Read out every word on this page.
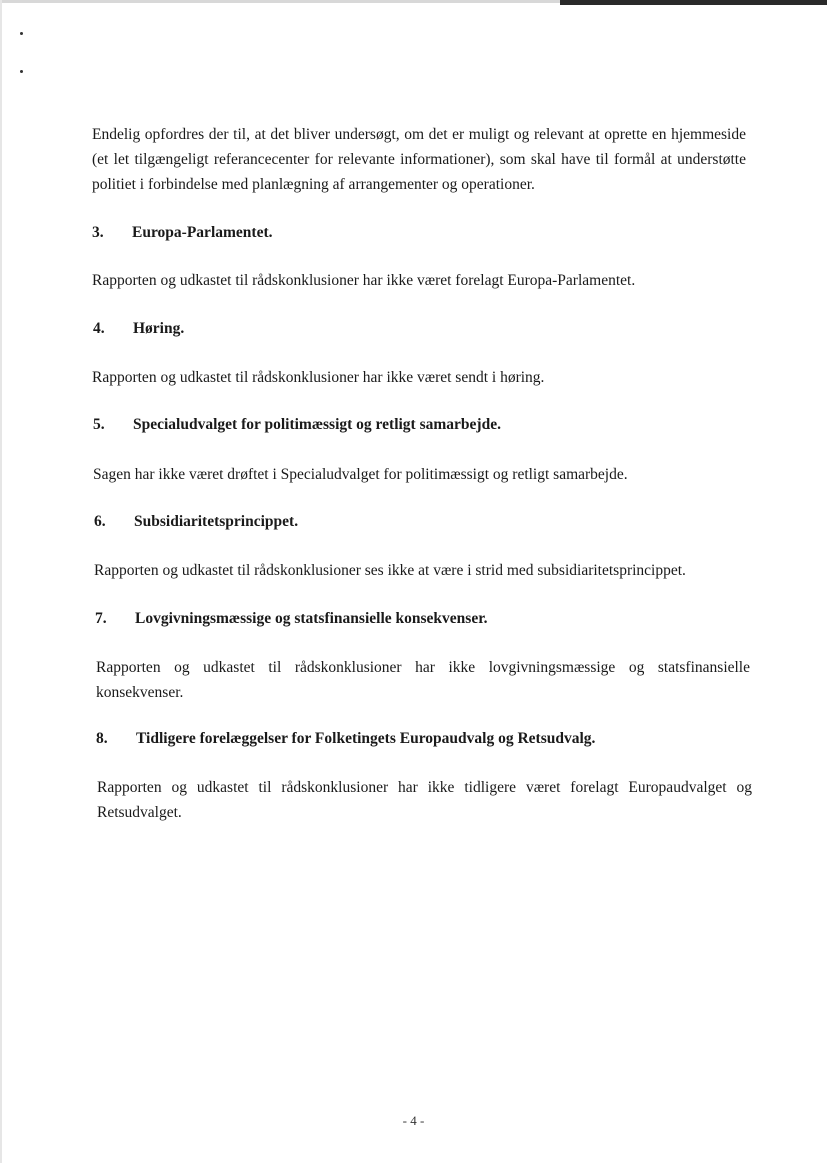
Endelig opfordres der til, at det bliver undersøgt, om det er muligt og relevant at oprette en hjemmeside (et let tilgængeligt referancecenter for relevante informationer), som skal have til formål at understøtte politiet i forbindelse med planlægning af arrangementer og operationer.

3. Europa-Parlamentet.

Rapporten og udkastet til rådskonklusioner har ikke været forelagt Europa-Parlamentet.

4. Høring.

Rapporten og udkastet til rådskonklusioner har ikke været sendt i høring.

5. Specialudvalget for politimæssigt og retligt samarbejde.

Sagen har ikke været drøftet i Specialudvalget for politimæssigt og retligt samarbejde.

6. Subsidiaritetsprincippet.

Rapporten og udkastet til rådskonklusioner ses ikke at være i strid med subsidiaritetsprincippet.

7. Lovgivningsmæssige og statsfinansielle konsekvenser.

Rapporten og udkastet til rådskonklusioner har ikke lovgivningsmæssige og statsfinansielle konsekvenser.

8. Tidligere forelæggelser for Folketingets Europaudvalg og Retsudvalg.

Rapporten og udkastet til rådskonklusioner har ikke tidligere været forelagt Europaudvalget og Retsudvalget.

- 4 -
